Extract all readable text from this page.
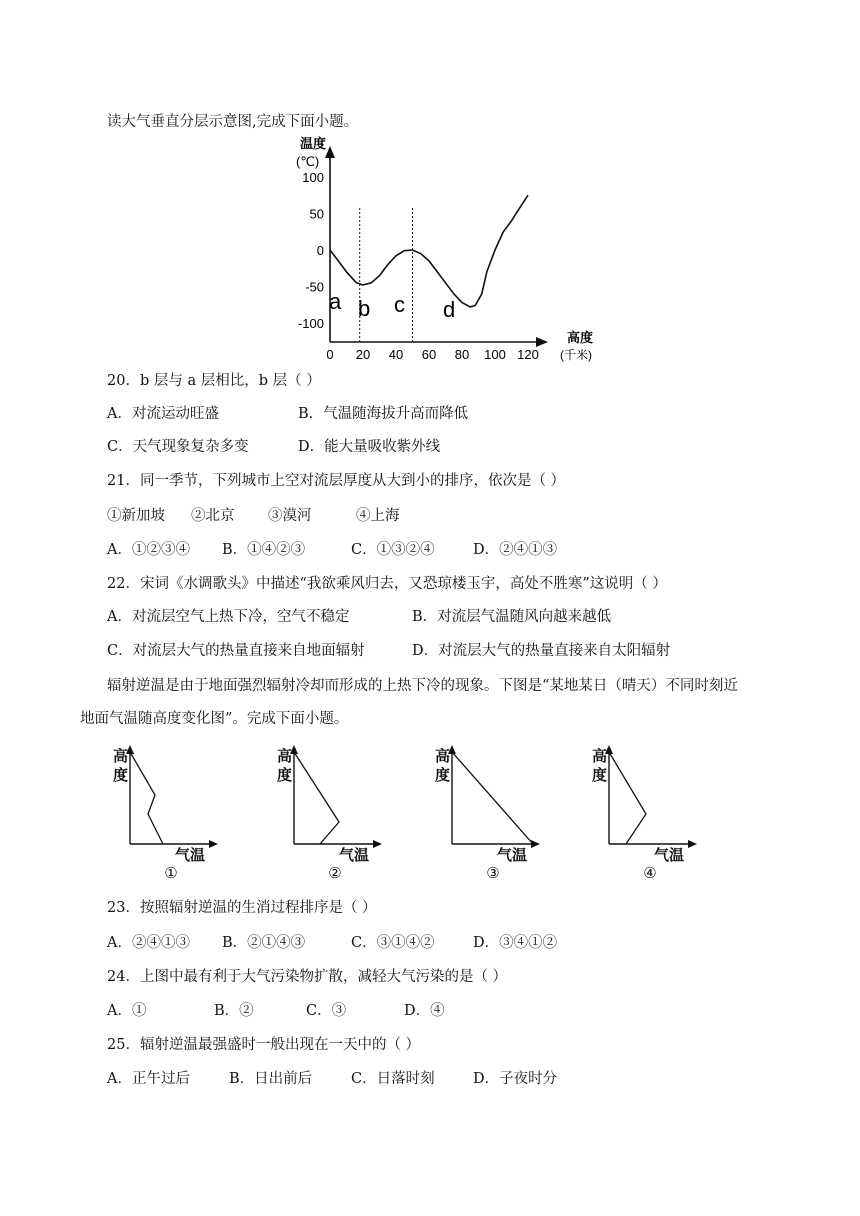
读大气垂直分层示意图,完成下面小题。
温度
(℃)
高度
(千米)
100
50
0
-50
-100
0 20 40 60 80 100 120
a b c d
20．b 层与 a 层相比，b 层（ ）
A．对流运动旺盛	B．气温随海拔升高而降低
C．天气现象复杂多变	D．能大量吸收紫外线
21．同一季节，下列城市上空对流层厚度从大到小的排序，依次是（ ）
①新加坡 ②北京 ③漠河	④上海
A．①②③④ B．①④②③	C．①③②④	D．②④①③
22．宋词《水调歌头》中描述“我欲乘风归去，又恐琼楼玉宇，高处不胜寒”这说明（ ）
A．对流层空气上热下冷，空气不稳定	B．对流层气温随风向越来越低
C．对流层大气的热量直接来自地面辐射	D．对流层大气的热量直接来自太阳辐射
辐射逆温是由于地面强烈辐射冷却而形成的上热下冷的现象。下图是“某地某日（晴天）不同时刻近
地面气温随高度变化图”。完成下面小题。
高
度
气温
①
高
度
气温
②
高
度
气温
③
高
度
气温
④
23．按照辐射逆温的生消过程排序是（ ）
A．②④①③ B．②①④③	C．③①④②	D．③④①②
24．上图中最有利于大气污染物扩散，减轻大气污染的是（ ）
A．①	B．②	C．③	D．④
25．辐射逆温最强盛时一般出现在一天中的（ ）
A．正午过后	B．日出前后	C．日落时刻	D．子夜时分
